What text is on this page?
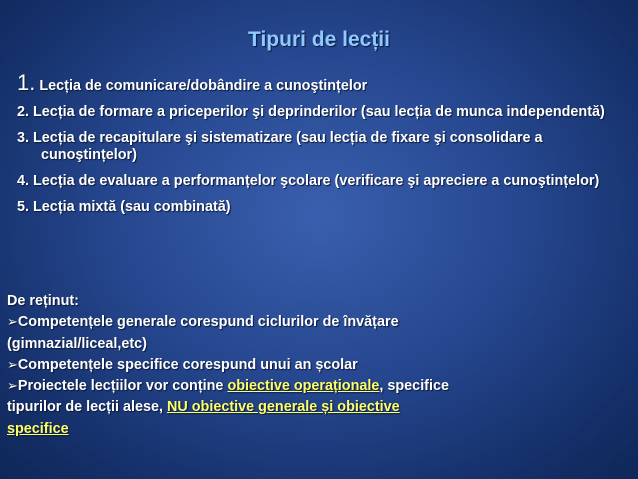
Tipuri de lecții
1. Lecția de comunicare/dobândire a cunoştințelor
2. Lecția de formare a priceperilor şi deprinderilor (sau lecția de munca independentă)
3. Lecția de recapitulare şi sistematizare (sau lecția de fixare şi consolidare a cunoştințelor)
4. Lecția de evaluare a performanțelor şcolare (verificare şi apreciere a cunoştințelor)
5. Lecția mixtă (sau combinată)
De reținut:
➢Competențele generale corespund ciclurilor de învățare
(gimnazial/liceal,etc)
➢Competențele specifice corespund unui an școlar
➢Proiectele lecțiilor vor conține obiective operaționale, specifice
tipurilor de lecții alese, NU obiective generale și obiective
specifice
